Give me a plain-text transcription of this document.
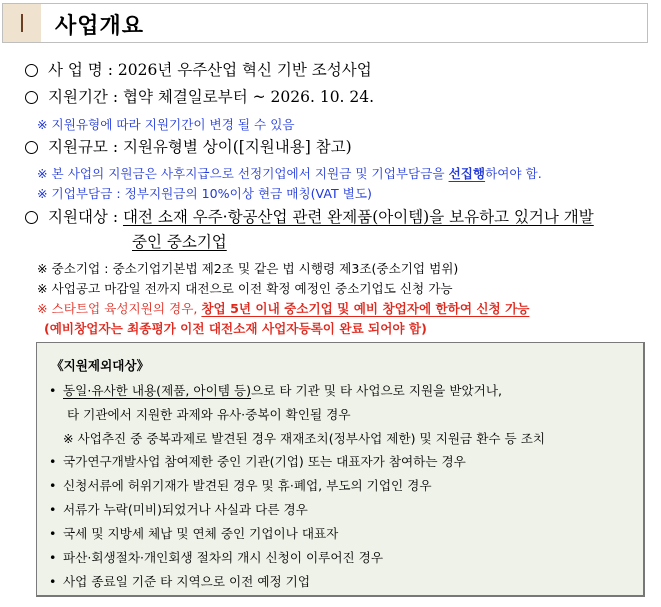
사업개요
사 업 명 : 2026년 우주산업 혁신 기반 조성사업
지원기간 : 협약 체결일로부터 ~ 2026. 10. 24.
※ 지원유형에 따라 지원기간이 변경 될 수 있음
지원규모 : 지원유형별 상이([지원내용] 참고)
※ 본 사업의 지원금은 사후지급으로 선정기업에서 지원금 및 기업부담금을 선집행하여야 함.
※ 기업부담금 : 정부지원금의 10%이상 현금 매칭(VAT 별도)
지원대상 : 대전 소재 우주·항공산업 관련 완제품(아이템)을 보유하고 있거나 개발
중인 중소기업
※ 중소기업 : 중소기업기본법 제2조 및 같은 법 시행령 제3조(중소기업 범위)
※ 사업공고 마감일 전까지 대전으로 이전 확정 예정인 중소기업도 신청 가능
※ 스타트업 육성지원의 경우, 창업 5년 이내 중소기업 및 예비 창업자에 한하여 신청 가능
(예비창업자는 최종평가 이전 대전소재 사업자등록이 완료 되어야 함)
《지원제외대상》
• 동일·유사한 내용(제품, 아이템 등)으로 타 기관 및 타 사업으로 지원을 받았거나,
타 기관에서 지원한 과제와 유사·중복이 확인될 경우
※ 사업추진 중 중복과제로 발견된 경우 재재조치(정부사업 제한) 및 지원금 환수 등 조치
• 국가연구개발사업 참여제한 중인 기관(기업) 또는 대표자가 참여하는 경우
• 신청서류에 허위기재가 발견된 경우 및 휴·폐업, 부도의 기업인 경우
• 서류가 누락(미비)되었거나 사실과 다른 경우
• 국세 및 지방세 체납 및 연체 중인 기업이나 대표자
• 파산·회생절차·개인회생 절차의 개시 신청이 이루어진 경우
• 사업 종료일 기준 타 지역으로 이전 예정 기업
